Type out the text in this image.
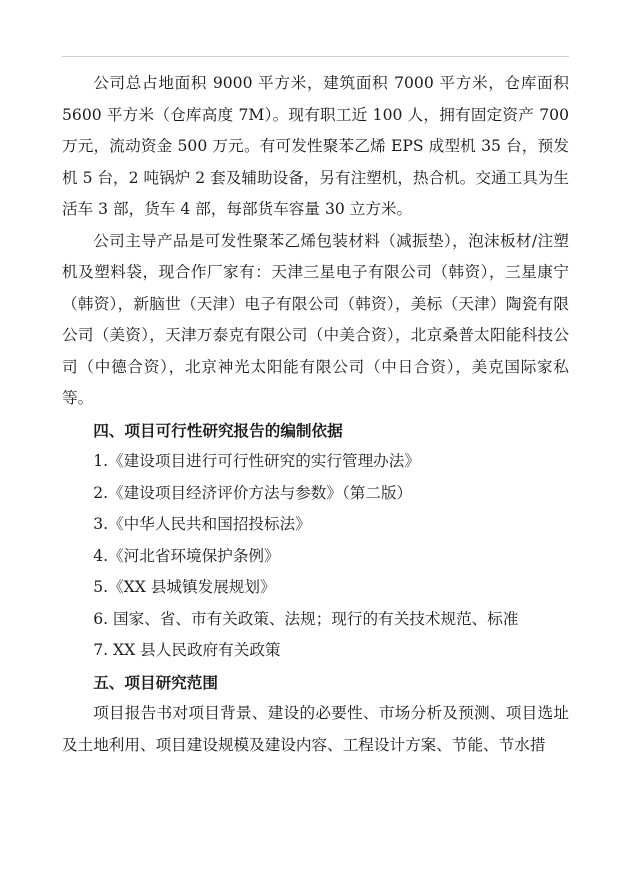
公司总占地面积 9000 平方米，建筑面积 7000 平方米，仓库面积 5600 平方米（仓库高度 7M）。现有职工近 100 人，拥有固定资产 700 万元，流动资金 500 万元。有可发性聚苯乙烯 EPS 成型机 35 台，预发机 5 台，2 吨锅炉 2 套及辅助设备，另有注塑机，热合机。交通工具为生活车 3 部，货车 4 部，每部货车容量 30 立方米。

公司主导产品是可发性聚苯乙烯包装材料（减振垫），泡沫板材/注塑机及塑料袋，现合作厂家有：天津三星电子有限公司（韩资），三星康宁（韩资），新脑世（天津）电子有限公司（韩资），美标（天津）陶瓷有限公司（美资），天津万泰克有限公司（中美合资），北京桑普太阳能科技公司（中德合资），北京神光太阳能有限公司（中日合资），美克国际家私等。

四、项目可行性研究报告的编制依据

1.《建设项目进行可行性研究的实行管理办法》

2.《建设项目经济评价方法与参数》（第二版）

3.《中华人民共和国招投标法》

4.《河北省环境保护条例》

5.《XX 县城镇发展规划》

6. 国家、省、市有关政策、法规；现行的有关技术规范、标准

7. XX 县人民政府有关政策

五、项目研究范围

项目报告书对项目背景、建设的必要性、市场分析及预测、项目选址及土地利用、项目建设规模及建设内容、工程设计方案、节能、节水措
